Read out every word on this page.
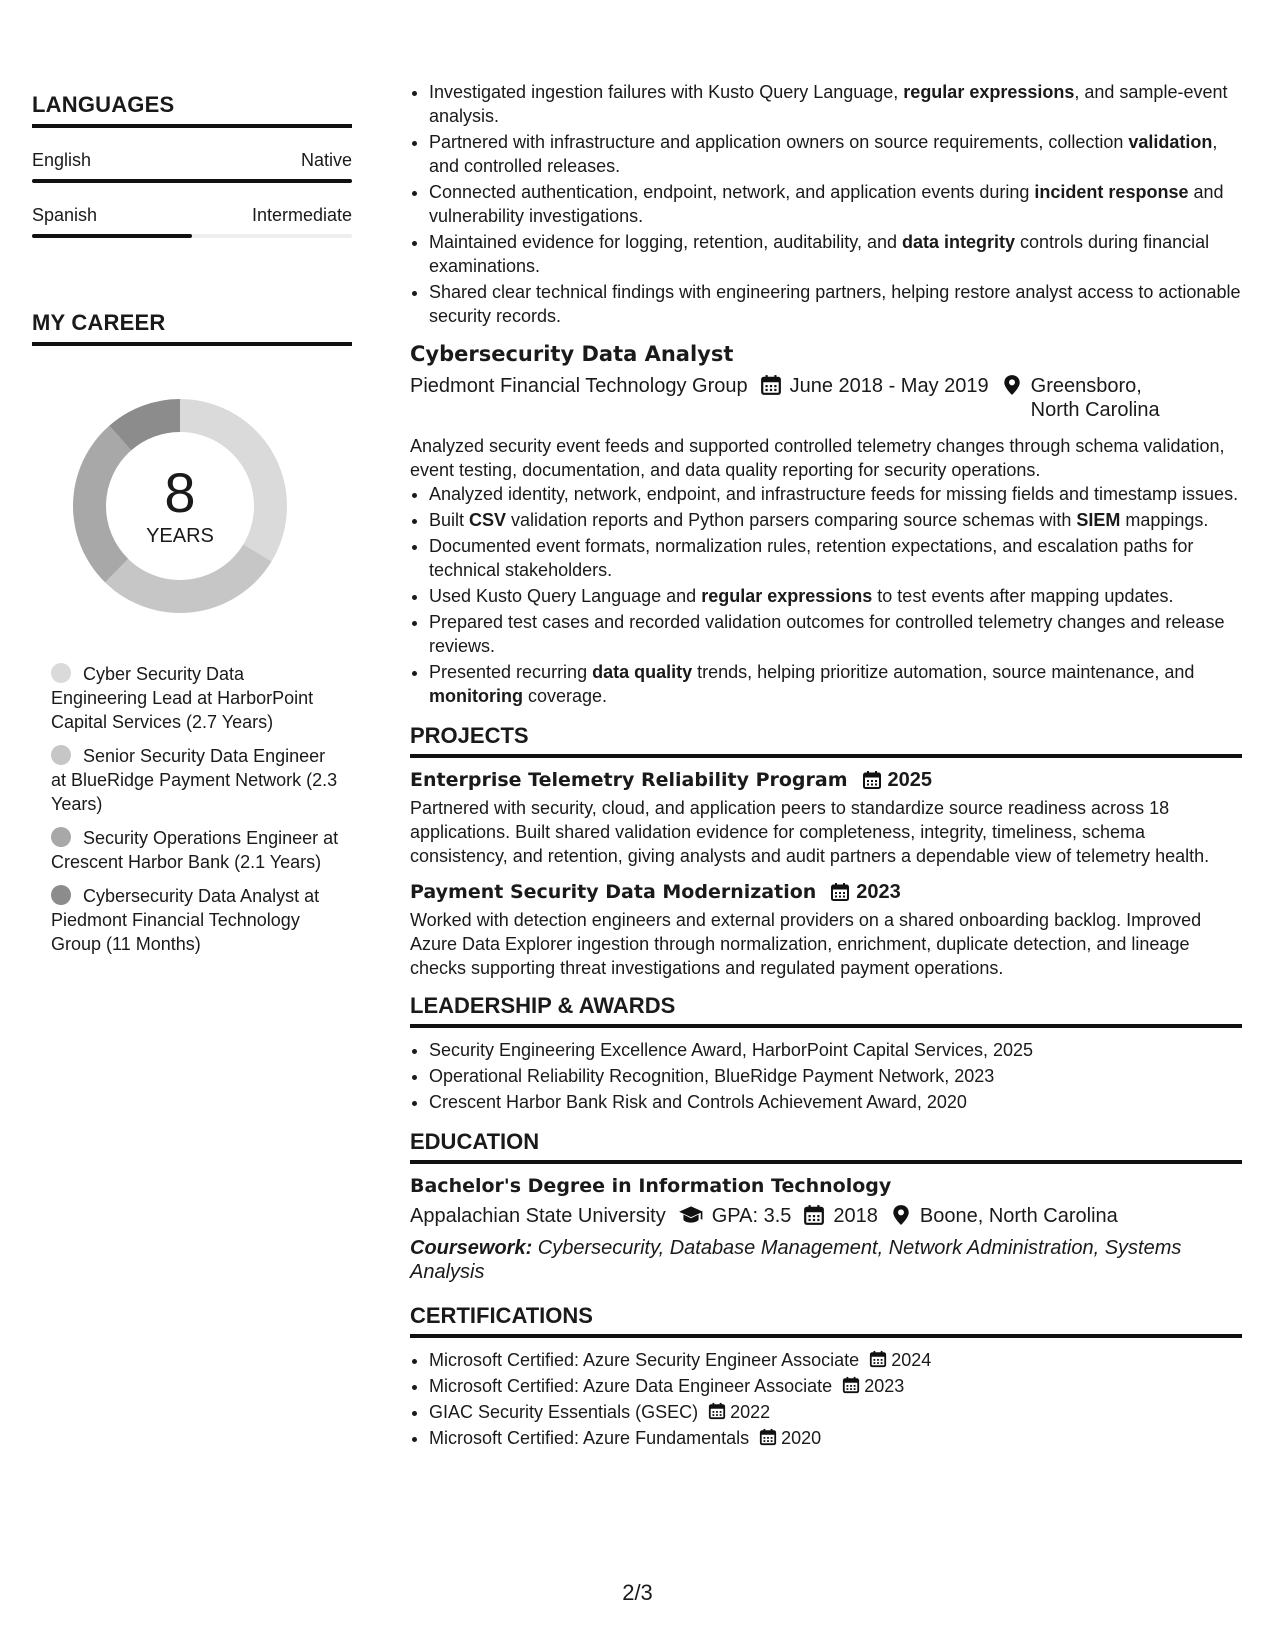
LANGUAGES
English	Native
Spanish	Intermediate
MY CAREER
8
YEARS
Cyber Security Data Engineering Lead at HarborPoint Capital Services (2.7 Years)
Senior Security Data Engineer at BlueRidge Payment Network (2.3 Years)
Security Operations Engineer at Crescent Harbor Bank (2.1 Years)
Cybersecurity Data Analyst at Piedmont Financial Technology Group (11 Months)
• Investigated ingestion failures with Kusto Query Language, regular expressions, and sample-event analysis.
• Partnered with infrastructure and application owners on source requirements, collection validation, and controlled releases.
• Connected authentication, endpoint, network, and application events during incident response and vulnerability investigations.
• Maintained evidence for logging, retention, auditability, and data integrity controls during financial examinations.
• Shared clear technical findings with engineering partners, helping restore analyst access to actionable security records.
Cybersecurity Data Analyst
Piedmont Financial Technology Group June 2018 - May 2019 Greensboro, North Carolina
Analyzed security event feeds and supported controlled telemetry changes through schema validation, event testing, documentation, and data quality reporting for security operations.
• Analyzed identity, network, endpoint, and infrastructure feeds for missing fields and timestamp issues.
• Built CSV validation reports and Python parsers comparing source schemas with SIEM mappings.
• Documented event formats, normalization rules, retention expectations, and escalation paths for technical stakeholders.
• Used Kusto Query Language and regular expressions to test events after mapping updates.
• Prepared test cases and recorded validation outcomes for controlled telemetry changes and release reviews.
• Presented recurring data quality trends, helping prioritize automation, source maintenance, and monitoring coverage.
PROJECTS
Enterprise Telemetry Reliability Program 2025
Partnered with security, cloud, and application peers to standardize source readiness across 18 applications. Built shared validation evidence for completeness, integrity, timeliness, schema consistency, and retention, giving analysts and audit partners a dependable view of telemetry health.
Payment Security Data Modernization 2023
Worked with detection engineers and external providers on a shared onboarding backlog. Improved Azure Data Explorer ingestion through normalization, enrichment, duplicate detection, and lineage checks supporting threat investigations and regulated payment operations.
LEADERSHIP & AWARDS
• Security Engineering Excellence Award, HarborPoint Capital Services, 2025
• Operational Reliability Recognition, BlueRidge Payment Network, 2023
• Crescent Harbor Bank Risk and Controls Achievement Award, 2020
EDUCATION
Bachelor's Degree in Information Technology
Appalachian State University GPA: 3.5 2018 Boone, North Carolina
Coursework: Cybersecurity, Database Management, Network Administration, Systems Analysis
CERTIFICATIONS
• Microsoft Certified: Azure Security Engineer Associate 2024
• Microsoft Certified: Azure Data Engineer Associate 2023
• GIAC Security Essentials (GSEC) 2022
• Microsoft Certified: Azure Fundamentals 2020
2/3
